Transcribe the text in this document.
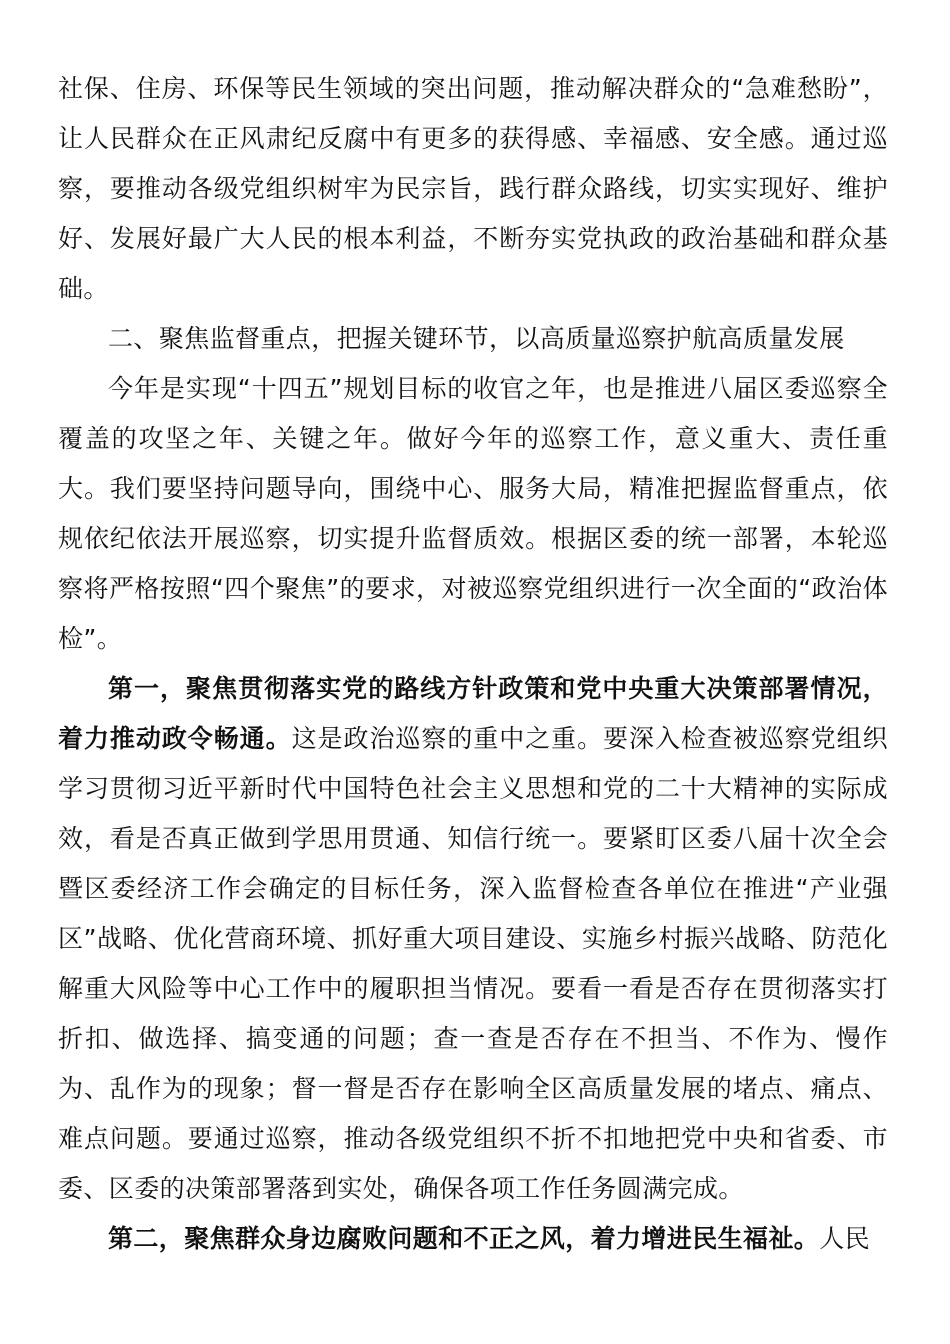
社保、住房、环保等民生领域的突出问题，推动解决群众的“急难愁盼”，让人民群众在正风肃纪反腐中有更多的获得感、幸福感、安全感。通过巡察，要推动各级党组织树牢为民宗旨，践行群众路线，切实实现好、维护好、发展好最广大人民的根本利益，不断夯实党执政的政治基础和群众基础。

二、聚焦监督重点，把握关键环节，以高质量巡察护航高质量发展

今年是实现“十四五”规划目标的收官之年，也是推进八届区委巡察全覆盖的攻坚之年、关键之年。做好今年的巡察工作，意义重大、责任重大。我们要坚持问题导向，围绕中心、服务大局，精准把握监督重点，依规依纪依法开展巡察，切实提升监督质效。根据区委的统一部署，本轮巡察将严格按照“四个聚焦”的要求，对被巡察党组织进行一次全面的“政治体检”。

第一，聚焦贯彻落实党的路线方针政策和党中央重大决策部署情况，着力推动政令畅通。这是政治巡察的重中之重。要深入检查被巡察党组织学习贯彻习近平新时代中国特色社会主义思想和党的二十大精神的实际成效，看是否真正做到学思用贯通、知信行统一。要紧盯区委八届十次全会暨区委经济工作会确定的目标任务，深入监督检查各单位在推进“产业强区”战略、优化营商环境、抓好重大项目建设、实施乡村振兴战略、防范化解重大风险等中心工作中的履职担当情况。要看一看是否存在贯彻落实打折扣、做选择、搞变通的问题；查一查是否存在不担当、不作为、慢作为、乱作为的现象；督一督是否存在影响全区高质量发展的堵点、痛点、难点问题。要通过巡察，推动各级党组织不折不扣地把党中央和省委、市委、区委的决策部署落到实处，确保各项工作任务圆满完成。

第二，聚焦群众身边腐败问题和不正之风，着力增进民生福祉。人民
